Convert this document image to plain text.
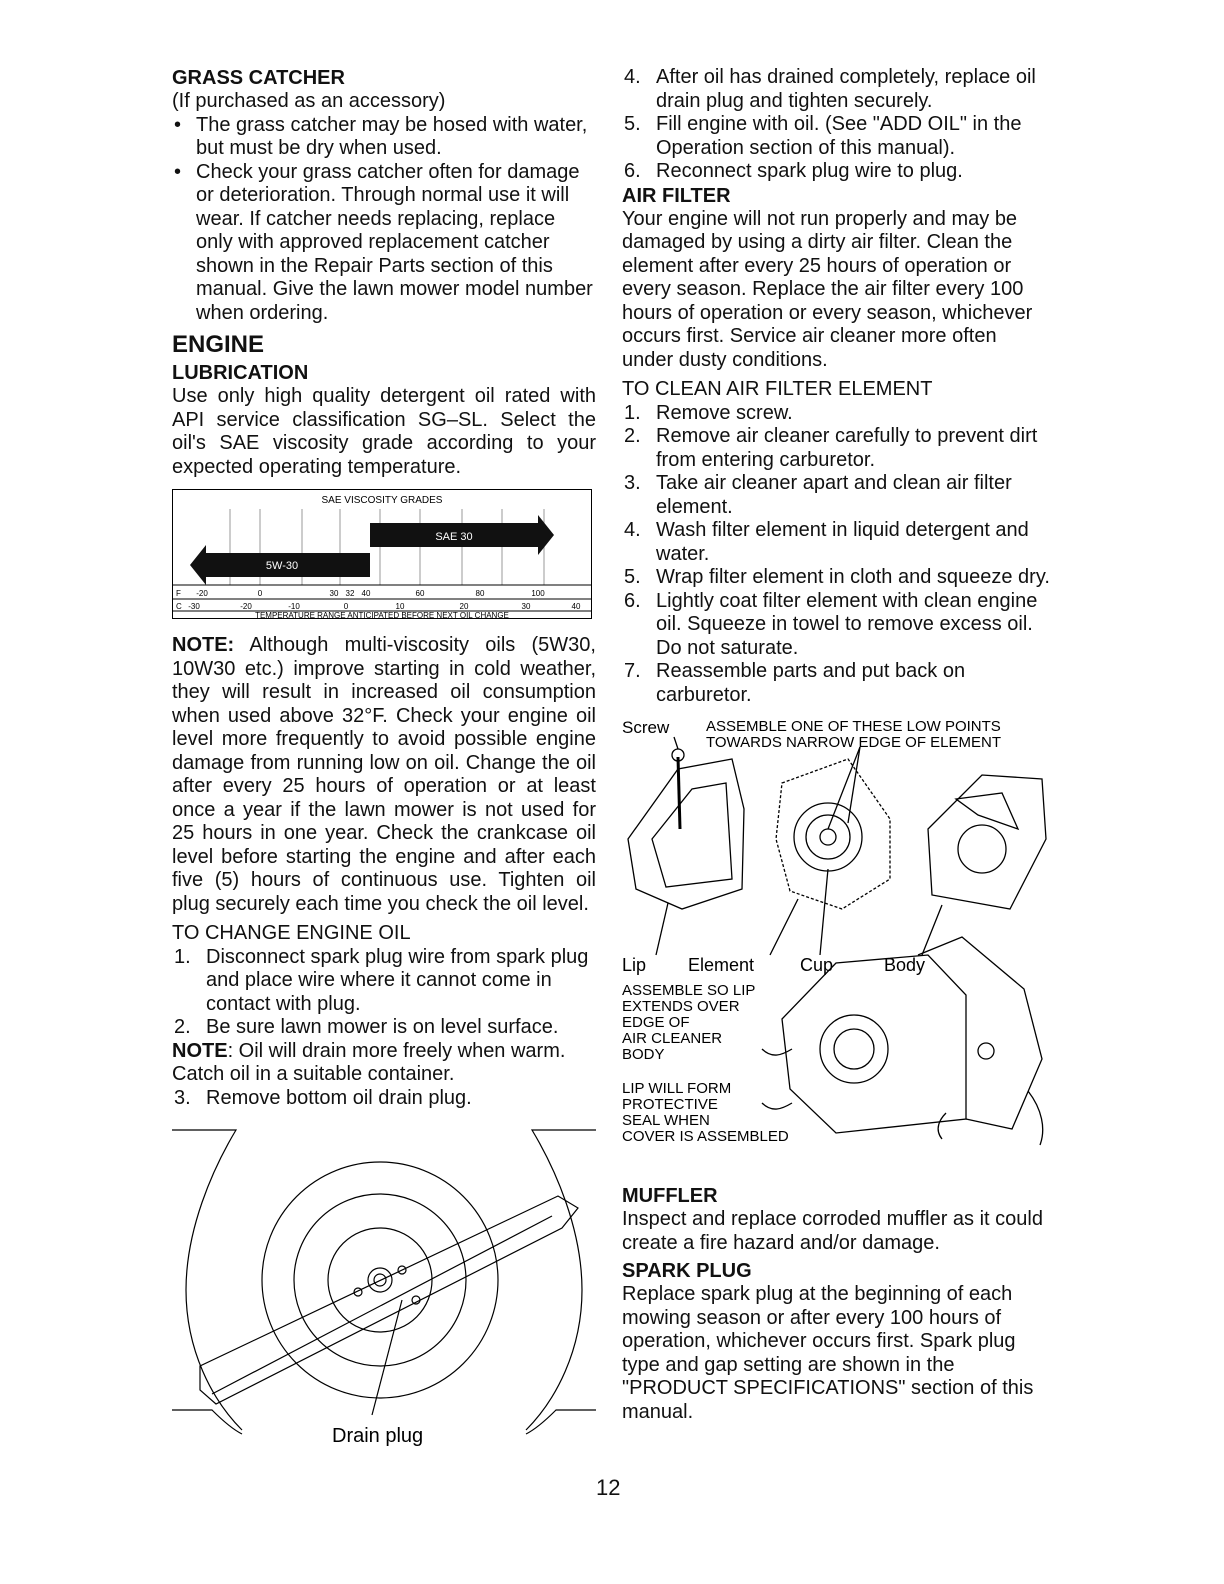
GRASS CATCHER

(If purchased as an accessory)

• The grass catcher may be hosed with water, but must be dry when used.
• Check your grass catcher often for damage or deterioration. Through normal use it will wear. If catcher needs replacing, replace only with approved replacement catcher shown in the Repair Parts section of this manual. Give the lawn mower model number when ordering.

ENGINE

LUBRICATION

Use only high quality detergent oil rated with API service classification SG–SL. Select the oil's SAE viscosity grade according to your expected operating temperature.

SAE VISCOSITY GRADES
SAE 30
5W-30
F -20	0	30 32 40	60	80	100
C -30	-20	-10	0	10	20	30	40
TEMPERATURE RANGE ANTICIPATED BEFORE NEXT OIL CHANGE

NOTE: Although multi-viscosity oils (5W30, 10W30 etc.) improve starting in cold weather, they will result in increased oil consumption when used above 32°F. Check your engine oil level more frequently to avoid possible engine damage from running low on oil. Change the oil after every 25 hours of operation or at least once a year if the lawn mower is not used for 25 hours in one year. Check the crankcase oil level before starting the engine and after each five (5) hours of continuous use. Tighten oil plug securely each time you check the oil level.

TO CHANGE ENGINE OIL

1. Disconnect spark plug wire from spark plug and place wire where it cannot come in contact with plug.
2. Be sure lawn mower is on level surface.

NOTE: Oil will drain more freely when warm. Catch oil in a suitable container.

3. Remove bottom oil drain plug.
Drain plug
4. After oil has drained completely, replace oil drain plug and tighten securely.
5. Fill engine with oil. (See "ADD OIL" in the Operation section of this manual).
6. Reconnect spark plug wire to plug.

AIR FILTER

Your engine will not run properly and may be damaged by using a dirty air filter. Clean the element after every 25 hours of operation or every season. Replace the air filter every 100 hours of operation or every season, whichever occurs first. Service air cleaner more often under dusty conditions.

TO CLEAN AIR FILTER ELEMENT

1. Remove screw.
2. Remove air cleaner carefully to prevent dirt from entering carburetor.
3. Take air cleaner apart and clean air filter element.
4. Wash filter element in liquid detergent and water.
5. Wrap filter element in cloth and squeeze dry.
6. Lightly coat filter element with clean engine oil. Squeeze in towel to remove excess oil. Do not saturate.
7. Reassemble parts and put back on carburetor.
Screw ASSEMBLE ONE OF THESE LOW POINTS
TOWARDS NARROW EDGE OF ELEMENT
Lip Element	Cup	Body
ASSEMBLE SO LIP
EXTENDS OVER
EDGE OF
AIR CLEANER
BODY
LIP WILL FORM
PROTECTIVE
SEAL WHEN
COVER IS ASSEMBLED

MUFFLER

Inspect and replace corroded muffler as it could create a fire hazard and/or damage.

SPARK PLUG

Replace spark plug at the beginning of each mowing season or after every 100 hours of operation, whichever occurs first. Spark plug type and gap setting are shown in the "PRODUCT SPECIFICATIONS" section of this manual.

12
